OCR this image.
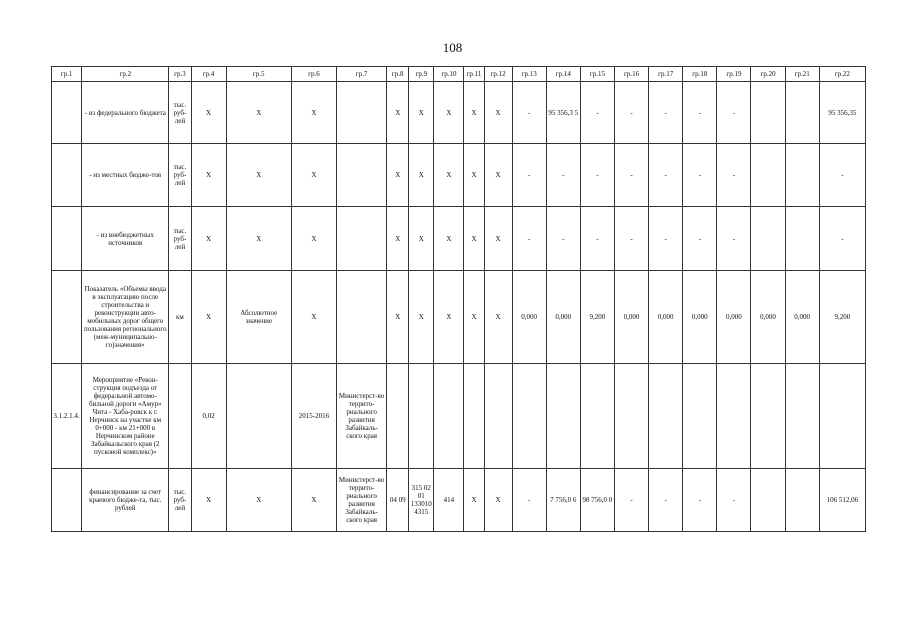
108
гр.1	гр.2	гр.3	гр.4	гр.5	гр.6	гр.7	гр.8	гр.9	гр.10	гр.11	гр.12	гр.13	гр.14	гр.15	гр.16	гр.17	гр.18	гр.19	гр.20	гр.21	гр.22
	- из федерального бюджета	тыс. руб-лей	X	X	X		X	X	X	X	X	-	95 356,3 5	-	-	-	-	-			95 356,35
	- из местных бюдже-тов	тыс. руб-лей	X	X	X		X	X	X	X	X	-	-	-	-	-	-	-			-
	- из внебюджетных источников	тыс. руб-лей	X	X	X		X	X	X	X	X	-	-	-	-	-	-	-			-
	Показатель «Объемы ввода в эксплуатацию после строительства и реконструкции авто-мобильных дорог общего пользования регионального (меж-муниципально-го)значения»	км	X	Абсолютное значение	X		X	X	X	X	X	0,000	0,000	9,200	0,000	0,000	0,000	0,000	0,000	0,000	9,200
3.1.2.1.4.	Мероприятие «Рекон-струкция подъезда от федеральной автомо-бильной дороги «Амур» Чита - Хаба-ровск к г. Нерчинск на участке км 0+000 - км 21+000 в Нерчинском районе Забайкальского края (2 пусковой комплекс)»		0,02		2015-2016	Министерст-во террито-риального развития Забайкаль-ского края															
	финансирование за счет краевого бюдже-та, тыс. рублей	тыс. руб-лей	X	X	X	Министерст-во террито-риального развития Забайкаль-ского края	04 09	315 02 01 133010 4315	414	X	X	-	7 756,0 6	98 756,0 0	-	-	-	-			106 512,06
